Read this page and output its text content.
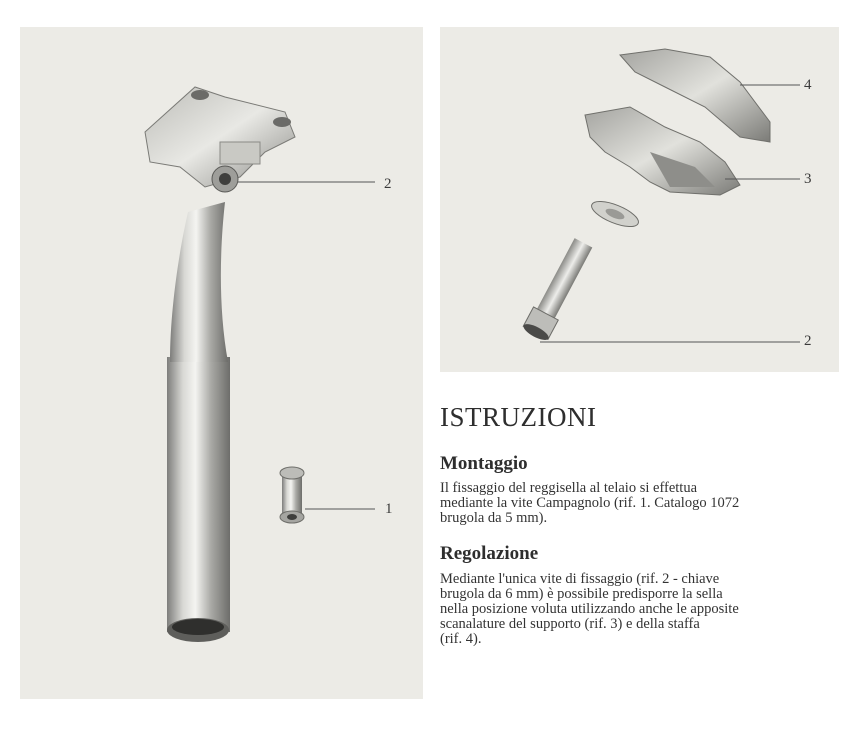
2
1
4
3
2
ISTRUZIONI
Montaggio

Il fissaggio del reggisella al telaio si effettua
mediante la vite Campagnolo (rif. 1. Catalogo 1072
brugola da 5 mm).

Regolazione

Mediante l'unica vite di fissaggio (rif. 2 - chiave
brugola da 6 mm) è possibile predisporre la sella
nella posizione voluta utilizzando anche le apposite
scanalature del supporto (rif. 3) e della staffa
(rif. 4).
